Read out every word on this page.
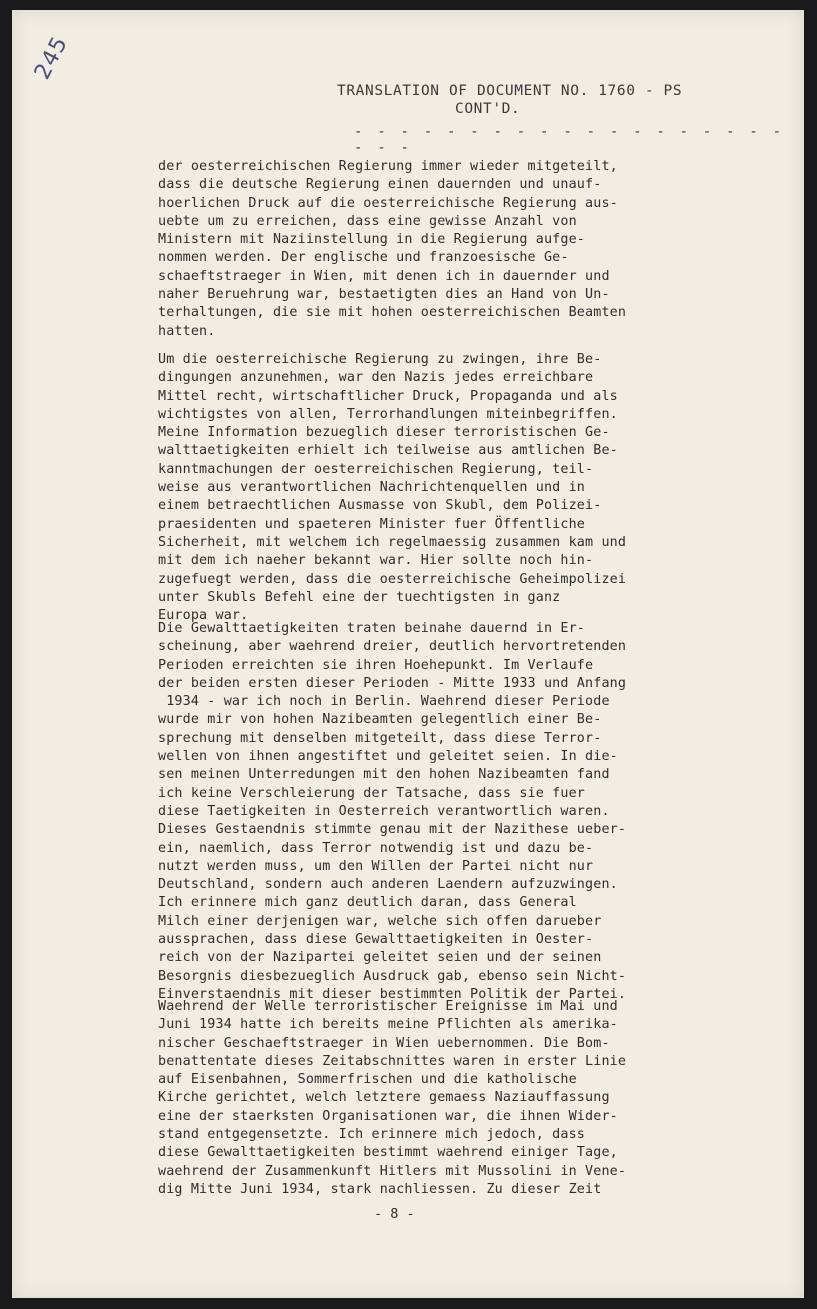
245
TRANSLATION OF DOCUMENT NO. 1760 - PS
CONT'D.
- - - - - - - - - - - - - - - - - - - - - -
der oesterreichischen Regierung immer wieder mitgeteilt,
dass die deutsche Regierung einen dauernden und unauf-
hoerlichen Druck auf die oesterreichische Regierung aus-
uebte um zu erreichen, dass eine gewisse Anzahl von
Ministern mit Naziinstellung in die Regierung aufge-
nommen werden. Der englische und franzoesische Ge-
schaeftstraeger in Wien, mit denen ich in dauernder und
naher Beruehrung war, bestaetigten dies an Hand von Un-
terhaltungen, die sie mit hohen oesterreichischen Beamten
hatten.
Um die oesterreichische Regierung zu zwingen, ihre Be-
dingungen anzunehmen, war den Nazis jedes erreichbare
Mittel recht, wirtschaftlicher Druck, Propaganda und als
wichtigstes von allen, Terrorhandlungen miteinbegriffen.
Meine Information bezueglich dieser terroristischen Ge-
walttaetigkeiten erhielt ich teilweise aus amtlichen Be-
kanntmachungen der oesterreichischen Regierung, teil-
weise aus verantwortlichen Nachrichtenquellen und in
einem betraechtlichen Ausmasse von Skubl, dem Polizei-
praesidenten und spaeteren Minister fuer Öffentliche
Sicherheit, mit welchem ich regelmaessig zusammen kam und
mit dem ich naeher bekannt war. Hier sollte noch hin-
zugefuegt werden, dass die oesterreichische Geheimpolizei
unter Skubls Befehl eine der tuechtigsten in ganz
Europa war.
Die Gewalttaetigkeiten traten beinahe dauernd in Er-
scheinung, aber waehrend dreier, deutlich hervortretenden
Perioden erreichten sie ihren Hoehepunkt. Im Verlaufe
der beiden ersten dieser Perioden - Mitte 1933 und Anfang
1934 - war ich noch in Berlin. Waehrend dieser Periode
wurde mir von hohen Nazibeamten gelegentlich einer Be-
sprechung mit denselben mitgeteilt, dass diese Terror-
wellen von ihnen angestiftet und geleitet seien. In die-
sen meinen Unterredungen mit den hohen Nazibeamten fand
ich keine Verschleierung der Tatsache, dass sie fuer
diese Taetigkeiten in Oesterreich verantwortlich waren.
Dieses Gestaendnis stimmte genau mit der Nazithese ueber-
ein, naemlich, dass Terror notwendig ist und dazu be-
nutzt werden muss, um den Willen der Partei nicht nur
Deutschland, sondern auch anderen Laendern aufzuzwingen.
Ich erinnere mich ganz deutlich daran, dass General
Milch einer derjenigen war, welche sich offen darueber
aussprachen, dass diese Gewalttaetigkeiten in Oester-
reich von der Nazipartei geleitet seien und der seinen
Besorgnis diesbezueglich Ausdruck gab, ebenso sein Nicht-
Einverstaendnis mit dieser bestimmten Politik der Partei.
Waehrend der Welle terroristischer Ereignisse im Mai und
Juni 1934 hatte ich bereits meine Pflichten als amerika-
nischer Geschaeftstraeger in Wien uebernommen. Die Bom-
benattentate dieses Zeitabschnittes waren in erster Linie
auf Eisenbahnen, Sommerfrischen und die katholische
Kirche gerichtet, welch letztere gemaess Naziauffassung
eine der staerksten Organisationen war, die ihnen Wider-
stand entgegensetzte. Ich erinnere mich jedoch, dass
diese Gewalttaetigkeiten bestimmt waehrend einiger Tage,
waehrend der Zusammenkunft Hitlers mit Mussolini in Vene-
dig Mitte Juni 1934, stark nachliessen. Zu dieser Zeit
- 8 -
